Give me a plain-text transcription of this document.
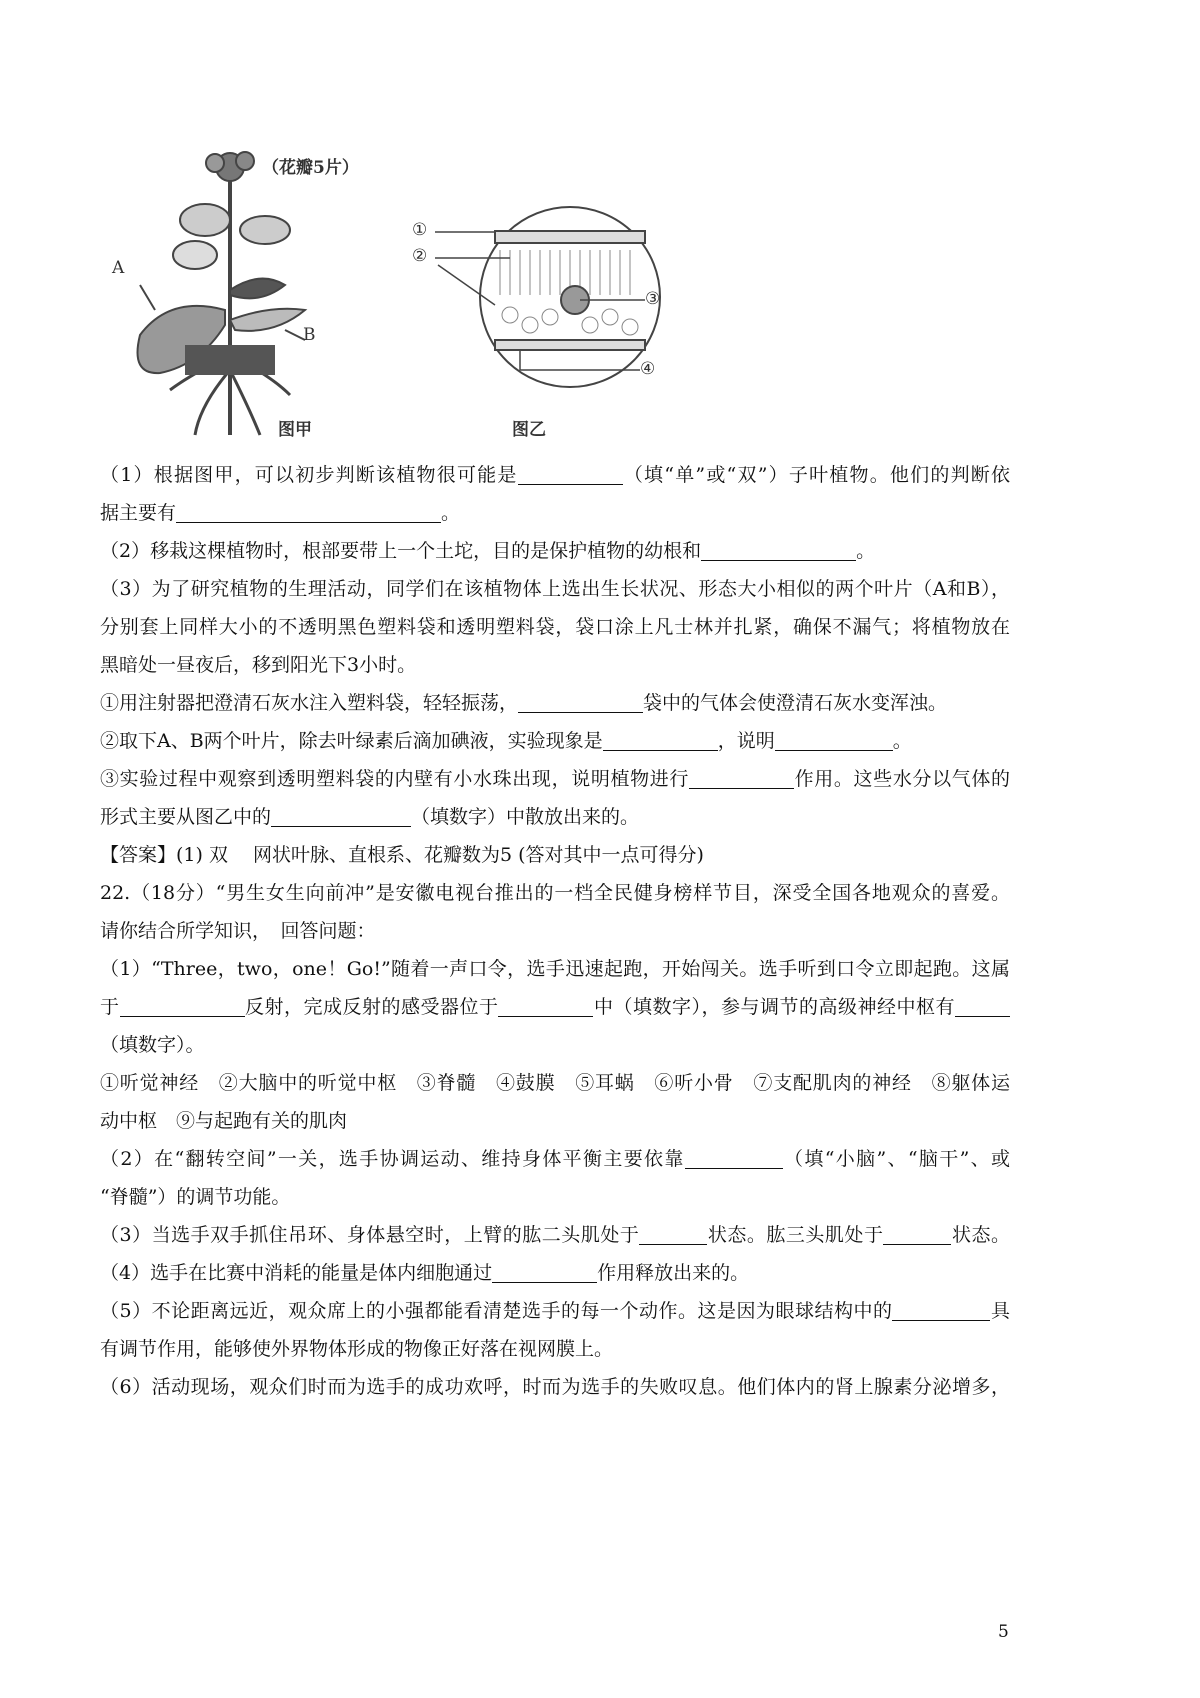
（花瓣5片）
A
B
图甲	图乙
①
②
③
④
（1）根据图甲，可以初步判断该植物很可能是	（填“单”或“双”）子叶植物。他们的判断依
据主要有	。
（2）移栽这棵植物时，根部要带上一个土坨，目的是保护植物的幼根和	。
（3）为了研究植物的生理活动，同学们在该植物体上选出生长状况、形态大小相似的两个叶片（A和B），
分别套上同样大小的不透明黑色塑料袋和透明塑料袋，袋口涂上凡士林并扎紧，确保不漏气；将植物放在
黑暗处一昼夜后，移到阳光下3小时。
①用注射器把澄清石灰水注入塑料袋，轻轻振荡，	袋中的气体会使澄清石灰水变浑浊。
②取下A、B两个叶片，除去叶绿素后滴加碘液，实验现象是	，说明	。
③实验过程中观察到透明塑料袋的内壁有小水珠出现，说明植物进行	作用。这些水分以气体的
形式主要从图乙中的	（填数字）中散放出来的。
【答案】(1) 双　 网状叶脉、直根系、花瓣数为5 (答对其中一点可得分)
22.（18分）“男生女生向前冲”是安徽电视台推出的一档全民健身榜样节目，深受全国各地观众的喜爱。
请你结合所学知识，　回答问题：
（1）“Three，two，one！Go!”随着一声口令，选手迅速起跑，开始闯关。选手听到口令立即起跑。这属
于	反射，完成反射的感受器位于	中（填数字），参与调节的高级神经中枢有
（填数字）。
①听觉神经　②大脑中的听觉中枢　③脊髓　④鼓膜　⑤耳蜗　⑥听小骨　⑦支配肌肉的神经　⑧躯体运
动中枢　⑨与起跑有关的肌肉
（2）在“翻转空间”一关，选手协调运动、维持身体平衡主要依靠	（填“小脑”、“脑干”、或
“脊髓”）的调节功能。
（3）当选手双手抓住吊环、身体悬空时，上臂的肱二头肌处于	状态。肱三头肌处于	状态。
（4）选手在比赛中消耗的能量是体内细胞通过	作用释放出来的。
（5）不论距离远近，观众席上的小强都能看清楚选手的每一个动作。这是因为眼球结构中的	具
有调节作用，能够使外界物体形成的物像正好落在视网膜上。
（6）活动现场，观众们时而为选手的成功欢呼，时而为选手的失败叹息。他们体内的肾上腺素分泌增多，
5
